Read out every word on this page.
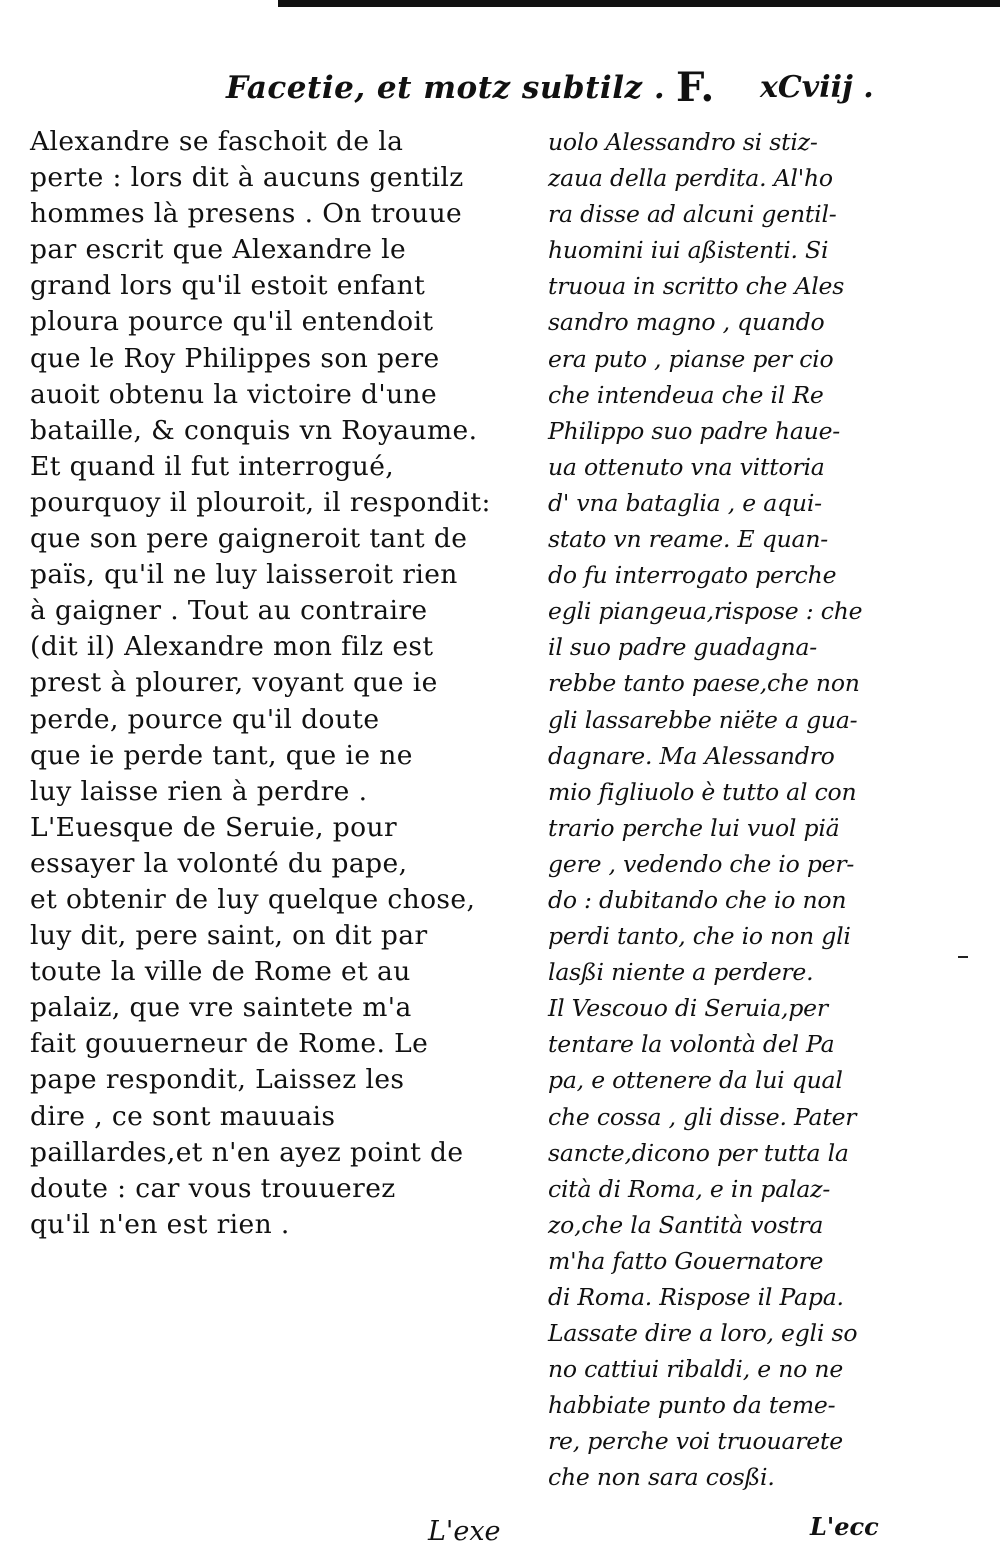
Facetie, et motz subtilz . F. xCviij .
Alexandre se faschoit de la
perte : lors dit à aucuns gentilz
hommes là presens . On trouue
par escrit que Alexandre le
grand lors qu'il estoit enfant
ploura pource qu'il entendoit
que le Roy Philippes son pere
auoit obtenu la victoire d'une
bataille, & conquis vn Royaume.
Et quand il fut interrogué,
pourquoy il plouroit, il respondit:
que son pere gaigneroit tant de
païs, qu'il ne luy laisseroit rien
à gaigner . Tout au contraire
(dit il) Alexandre mon filz est
prest à plourer, voyant que ie
perde, pource qu'il doute
que ie perde tant, que ie ne
luy laisse rien à perdre .
L'Euesque de Seruie, pour
essayer la volonté du pape,
et obtenir de luy quelque chose,
luy dit, pere saint, on dit par
toute la ville de Rome et au
palaiz, que vre saintete m'a
fait gouuerneur de Rome. Le
pape respondit, Laissez les
dire , ce sont mauuais
paillardes,et n'en ayez point de
doute : car vous trouuerez
qu'il n'en est rien .
uolo Alessandro si stiz-
zaua della perdita. Al'ho
ra disse ad alcuni gentil-
huomini iui aßistenti. Si
truoua in scritto che Ales
sandro magno , quando
era puto , pianse per cio
che intendeua che il Re
Philippo suo padre haue-
ua ottenuto vna vittoria
d' vna bataglia , e aqui-
stato vn reame. E quan-
do fu interrogato perche
egli piangeua,rispose : che
il suo padre guadagna-
rebbe tanto paese,che non
gli lassarebbe niëte a gua-
dagnare. Ma Alessandro
mio figliuolo è tutto al con
trario perche lui vuol piä
gere , vedendo che io per-
do : dubitando che io non
perdi tanto, che io non gli
lasßi niente a perdere.
Il Vescouo di Seruia,per
tentare la volontà del Pa
pa, e ottenere da lui qual
che cossa , gli disse. Pater
sancte,dicono per tutta la
cità di Roma, e in palaz-
zo,che la Santità vostra
m'ha fatto Gouernatore
di Roma. Rispose il Papa.
Lassate dire a loro, egli so
no cattiui ribaldi, e no ne
habbiate punto da teme-
re, perche voi truouarete
che non sara cosßi.
L'exe	L'ecc
